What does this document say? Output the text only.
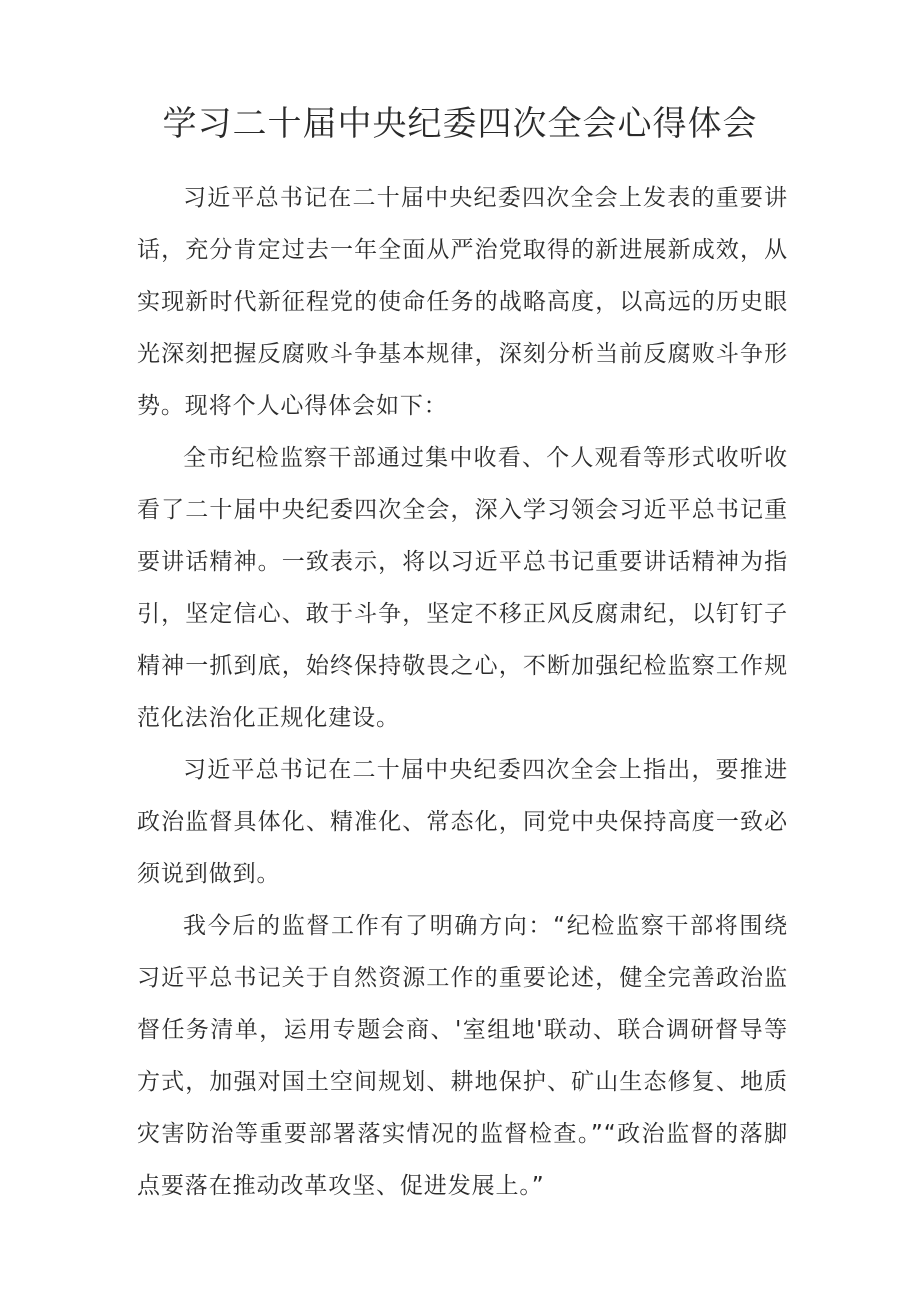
学习二十届中央纪委四次全会心得体会

习近平总书记在二十届中央纪委四次全会上发表的重要讲话，充分肯定过去一年全面从严治党取得的新进展新成效，从实现新时代新征程党的使命任务的战略高度，以高远的历史眼光深刻把握反腐败斗争基本规律，深刻分析当前反腐败斗争形势。现将个人心得体会如下：

全市纪检监察干部通过集中收看、个人观看等形式收听收看了二十届中央纪委四次全会，深入学习领会习近平总书记重要讲话精神。一致表示，将以习近平总书记重要讲话精神为指引，坚定信心、敢于斗争，坚定不移正风反腐肃纪，以钉钉子精神一抓到底，始终保持敬畏之心，不断加强纪检监察工作规范化法治化正规化建设。

习近平总书记在二十届中央纪委四次全会上指出，要推进政治监督具体化、精准化、常态化，同党中央保持高度一致必须说到做到。

我今后的监督工作有了明确方向：“纪检监察干部将围绕习近平总书记关于自然资源工作的重要论述，健全完善政治监督任务清单，运用专题会商、'室组地'联动、联合调研督导等方式，加强对国土空间规划、耕地保护、矿山生态修复、地质灾害防治等重要部署落实情况的监督检查。”“政治监督的落脚点要落在推动改革攻坚、促进发展上。”
